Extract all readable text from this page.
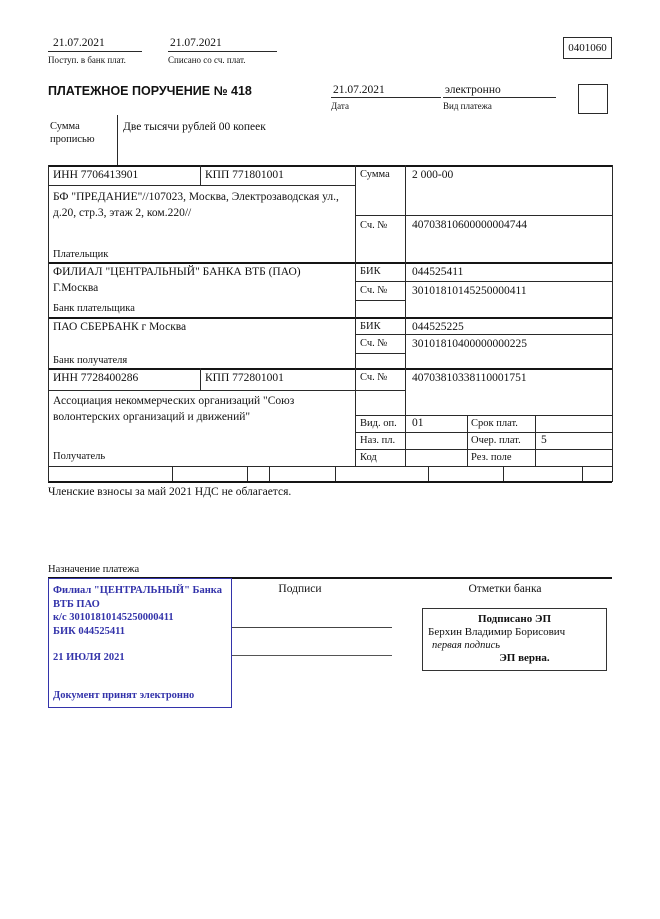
21.07.2021
Поступ. в банк плат.
21.07.2021
Списано со сч. плат.
0401060
ПЛАТЕЖНОЕ ПОРУЧЕНИЕ № 418	21.07.2021
Дата
электронно
Вид платежа
Сумма
прописью
Две тысячи рублей 00 копеек
ИНН 7706413901	КПП 771801001
БФ "ПРЕДАНИЕ"//107023, Москва, Электрозаводская ул., д.20, стр.3, этаж 2, ком.220//
Плательщик
Сумма 2 000-00
Сч. № 40703810600000004744
ФИЛИАЛ "ЦЕНТРАЛЬНЫЙ" БАНКА ВТБ (ПАО)
Г.Москва
Банк плательщика
БИК	044525411
Сч. № 30101810145250000411
ПАО СБЕРБАНК г Москва
Банк получателя
БИК	044525225
Сч. № 30101810400000000225
ИНН 7728400286	КПП 772801001	Сч. № 40703810338110001751
Ассоциация некоммерческих организаций "Союз волонтерских организаций и движений"
Получатель
Вид. оп. 01	Срок плат.
Наз. пл.	Очер. плат. 5
Код	Рез. поле
Членские взносы за май 2021 НДС не облагается.
Назначение платежа
Подписи	Отметки банка
Филиал "ЦЕНТРАЛЬНЫЙ" Банка
ВТБ ПАО
к/с 30101810145250000411
БИК 044525411
21 ИЮЛЯ 2021
Документ принят электронно
Подписано ЭП
Берхин Владимир Борисович
первая подпись
ЭП верна.
